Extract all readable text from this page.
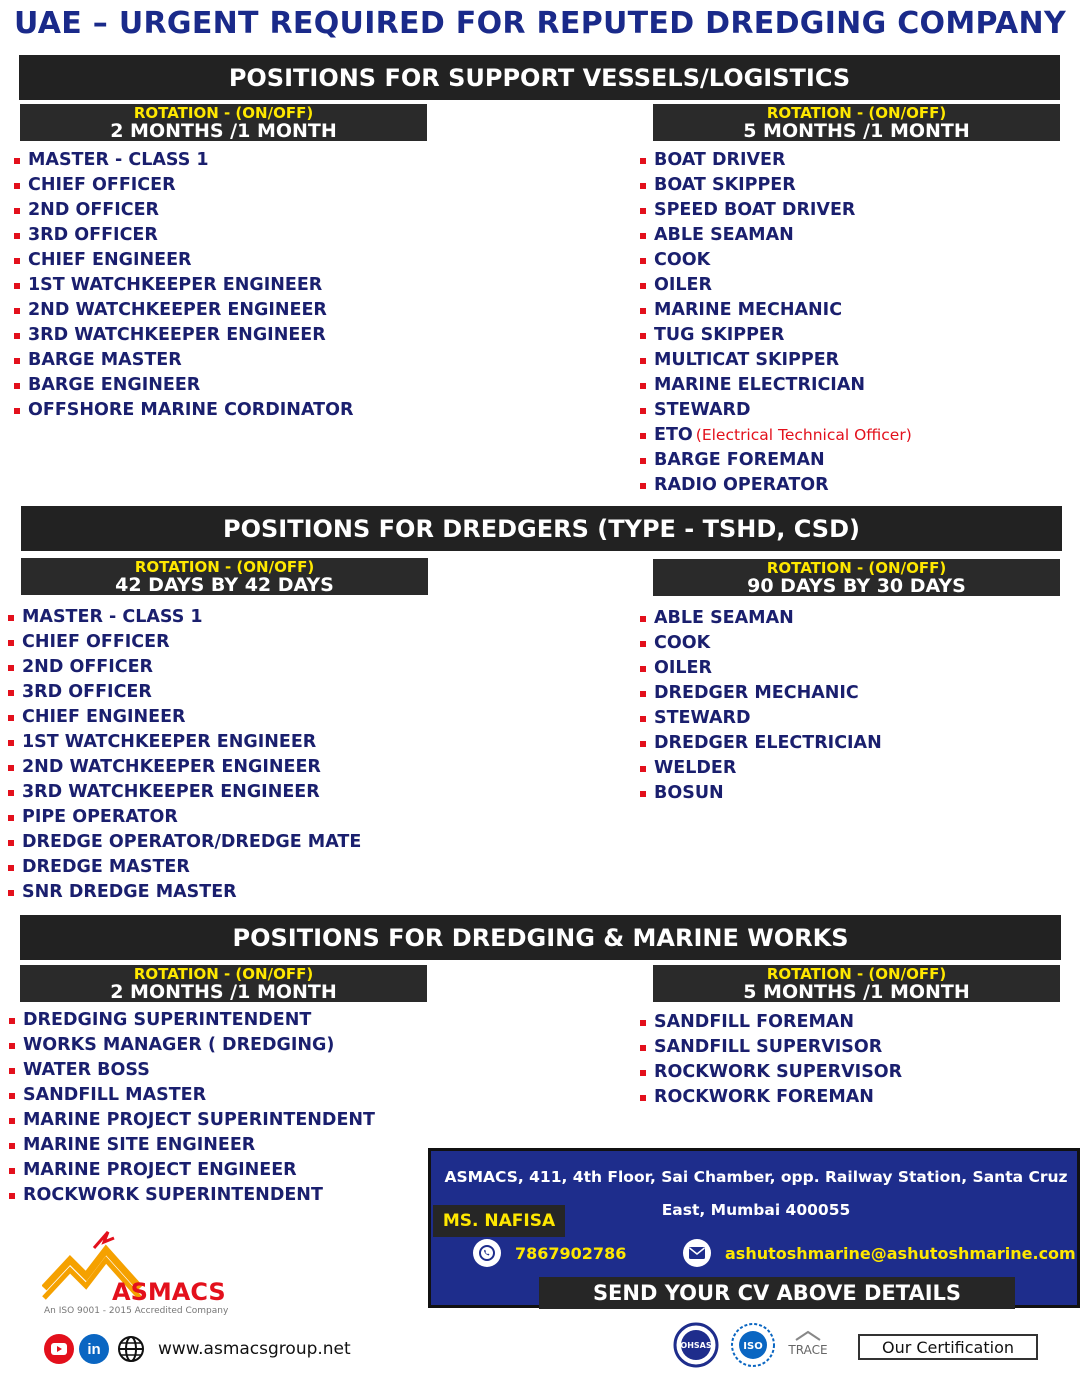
UAE – URGENT REQUIRED FOR REPUTED DREDGING COMPANY
POSITIONS FOR SUPPORT VESSELS/LOGISTICS
ROTATION - (ON/OFF)
2 MONTHS /1 MONTH
ROTATION - (ON/OFF)
5 MONTHS /1 MONTH
MASTER - CLASS 1
CHIEF OFFICER
2ND OFFICER
3RD OFFICER
CHIEF ENGINEER
1ST WATCHKEEPER ENGINEER
2ND WATCHKEEPER ENGINEER
3RD WATCHKEEPER ENGINEER
BARGE MASTER
BARGE ENGINEER
OFFSHORE MARINE CORDINATOR
BOAT DRIVER
BOAT SKIPPER
SPEED BOAT DRIVER
ABLE SEAMAN
COOK
OILER
MARINE MECHANIC
TUG SKIPPER
MULTICAT SKIPPER
MARINE ELECTRICIAN
STEWARD
ETO (Electrical Technical Officer)
BARGE FOREMAN
RADIO OPERATOR
POSITIONS FOR DREDGERS (TYPE - TSHD, CSD)
ROTATION - (ON/OFF)
42 DAYS BY 42 DAYS
ROTATION - (ON/OFF)
90 DAYS BY 30 DAYS
MASTER - CLASS 1
CHIEF OFFICER
2ND OFFICER
3RD OFFICER
CHIEF ENGINEER
1ST WATCHKEEPER ENGINEER
2ND WATCHKEEPER ENGINEER
3RD WATCHKEEPER ENGINEER
PIPE OPERATOR
DREDGE OPERATOR/DREDGE MATE
DREDGE MASTER
SNR DREDGE MASTER
ABLE SEAMAN
COOK
OILER
DREDGER MECHANIC
STEWARD
DREDGER ELECTRICIAN
WELDER
BOSUN
POSITIONS FOR DREDGING & MARINE WORKS
ROTATION - (ON/OFF)
2 MONTHS /1 MONTH
ROTATION - (ON/OFF)
5 MONTHS /1 MONTH
DREDGING SUPERINTENDENT
WORKS MANAGER ( DREDGING)
WATER BOSS
SANDFILL MASTER
MARINE PROJECT SUPERINTENDENT
MARINE SITE ENGINEER
MARINE PROJECT ENGINEER
ROCKWORK SUPERINTENDENT
SANDFILL FOREMAN
SANDFILL SUPERVISOR
ROCKWORK SUPERVISOR
ROCKWORK FOREMAN
ASMACS, 411, 4th Floor, Sai Chamber, opp. Railway Station, Santa Cruz East, Mumbai 400055
MS. NAFISA
7867902786	ashutoshmarine@ashutoshmarine.com
SEND YOUR CV ABOVE DETAILS
ASMACS
An ISO 9001 - 2015 Accredited Company
in	www.asmacsgroup.net	OHSAS	ISO TRACE	Our Certification
